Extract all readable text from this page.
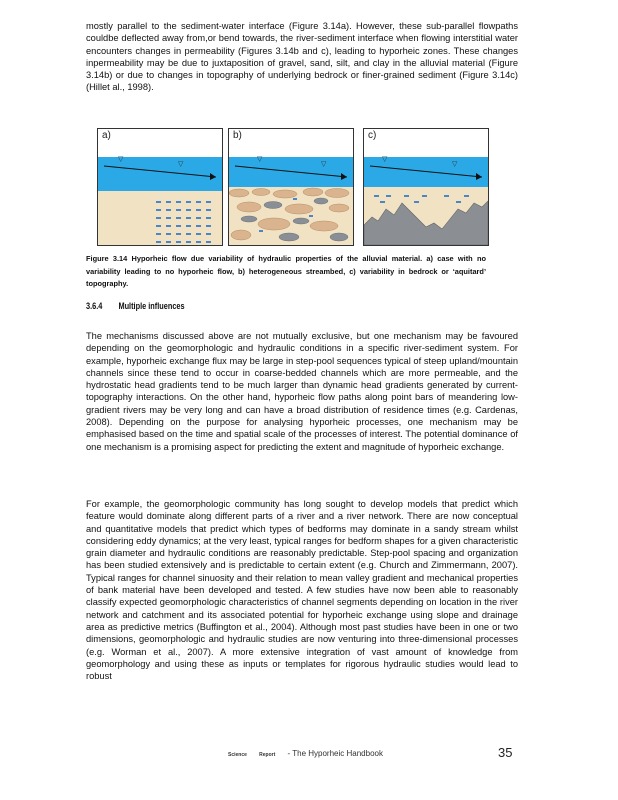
mostly parallel to the sediment-water interface (Figure 3.14a). However, these sub-parallel flowpaths couldbe deflected away from,or bend towards, the river-sediment interface when flowing interstitial water encounters changes in permeability (Figures 3.14b and c), leading to hyporheic zones. These changes inpermeability may be due to juxtaposition of gravel, sand, silt, and clay in the alluvial material (Figure 3.14b) or due to changes in topography of underlying bedrock or finer-grained sediment (Figure 3.14c) (Hillet al., 1998).

▽
▽
a)
▽
▽
b)
▽
▽
c)

Figure 3.14 Hyporheic flow due variability of hydraulic properties of the alluvial material. a) case with no variability leading to no hyporheic flow, b) heterogeneous streambed, c) variability in bedrock or ‘aquitard’ topography.

3.6.4 Multiple influences

The mechanisms discussed above are not mutually exclusive, but one mechanism may be favoured depending on the geomorphologic and hydraulic conditions in a specific river-sediment system. For example, hyporheic exchange flux may be large in step-pool sequences typical of steep upland/mountain channels since these tend to occur in coarse-bedded channels which are more permeable, and the hydrostatic head gradients tend to be much larger than dynamic head gradients generated by current-topography interactions. On the other hand, hyporheic flow paths along point bars of meandering low-gradient rivers may be very long and can have a broad distribution of residence times (e.g. Cardenas, 2008). Depending on the purpose for analysing hyporheic processes, one mechanism may be emphasised based on the time and spatial scale of the processes of interest. The potential dominance of one mechanism is a promising aspect for predicting the extent and magnitude of hyporheic exchange.

For example, the geomorphologic community has long sought to develop models that predict which feature would dominate along different parts of a river and a river network. There are now conceptual and quantitative models that predict which types of bedforms may dominate in a sandy stream whilst considering eddy dynamics; at the very least, typical ranges for bedform shapes for a given characteristic grain diameter and hydraulic conditions are reasonably predictable. Step-pool spacing and organization has been studied extensively and is predictable to certain extent (e.g. Church and Zimmermann, 2007). Typical ranges for channel sinuosity and their relation to mean valley gradient and mechanical properties of bank material have been developed and tested. A few studies have now been able to reasonably classify expected geomorphologic characteristics of channel segments depending on location in the river network and catchment and its associated potential for hyporheic exchange using slope and drainage area as predictive metrics (Buffington et al., 2004). Although most past studies have been in one or two dimensions, geomorphologic and hydraulic studies are now venturing into three-dimensional processes (e.g. Worman et al., 2007). A more extensive integration of vast amount of knowledge from geomorphology and using these as inputs or templates for rigorous hydraulic studies would lead to robust

Science Report - The Hyporheic Handbook	35
